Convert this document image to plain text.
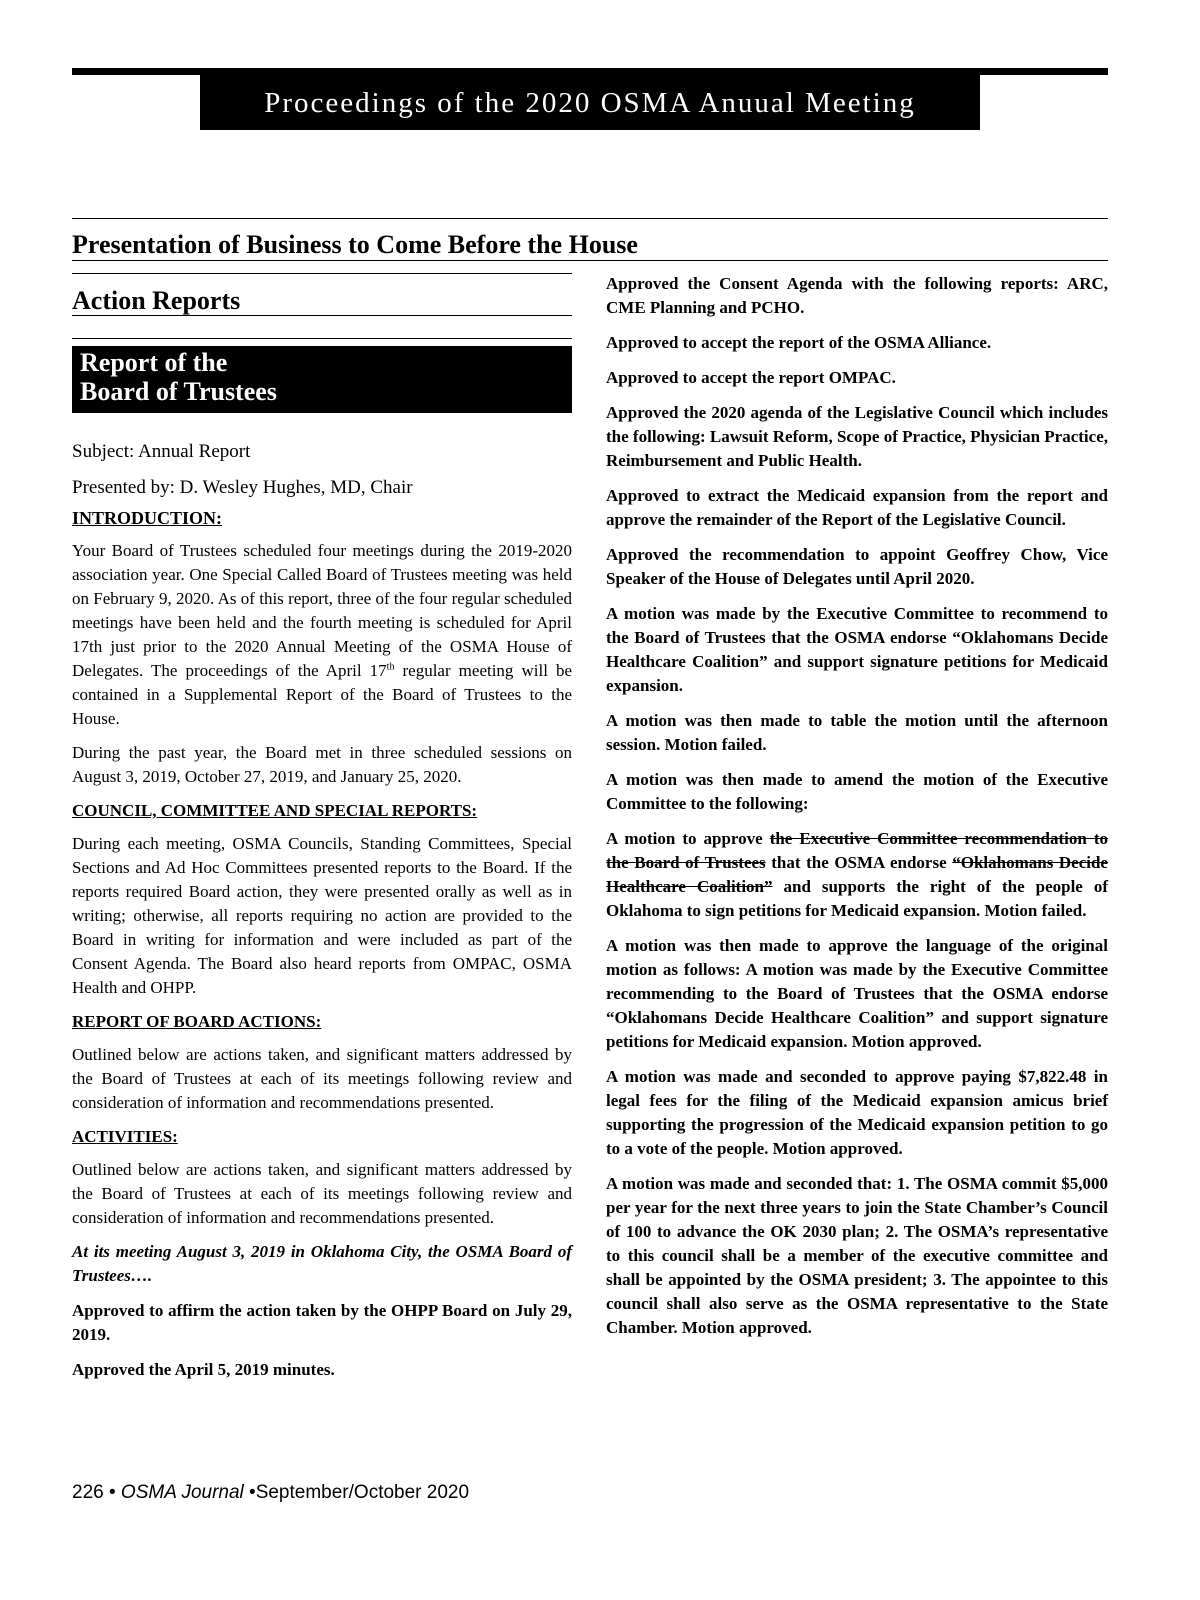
Proceedings of the 2020 OSMA Anuual Meeting
Presentation of Business to Come Before the House
Action Reports
Report of the
Board of Trustees

Subject: Annual Report

Presented by: D. Wesley Hughes, MD, Chair

INTRODUCTION:

Your Board of Trustees scheduled four meetings during the 2019-2020 association year. One Special Called Board of Trustees meeting was held on February 9, 2020. As of this report, three of the four regular scheduled meetings have been held and the fourth meeting is scheduled for April 17th just prior to the 2020 Annual Meeting of the OSMA House of Delegates. The proceedings of the April 17th regular meeting will be contained in a Supplemental Report of the Board of Trustees to the House.

During the past year, the Board met in three scheduled sessions on August 3, 2019, October 27, 2019, and January 25, 2020.

COUNCIL, COMMITTEE AND SPECIAL REPORTS:

During each meeting, OSMA Councils, Standing Committees, Special Sections and Ad Hoc Committees presented reports to the Board. If the reports required Board action, they were presented orally as well as in writing; otherwise, all reports requiring no action are provided to the Board in writing for information and were included as part of the Consent Agenda. The Board also heard reports from OMPAC, OSMA Health and OHPP.

REPORT OF BOARD ACTIONS:

Outlined below are actions taken, and significant matters addressed by the Board of Trustees at each of its meetings following review and consideration of information and recommendations presented.

ACTIVITIES:

Outlined below are actions taken, and significant matters addressed by the Board of Trustees at each of its meetings following review and consideration of information and recommendations presented.

At its meeting August 3, 2019 in Oklahoma City, the OSMA Board of Trustees….

Approved to affirm the action taken by the OHPP Board on July 29, 2019.

Approved the April 5, 2019 minutes.

Approved the Consent Agenda with the following reports: ARC, CME Planning and PCHO.

Approved to accept the report of the OSMA Alliance.

Approved to accept the report OMPAC.

Approved the 2020 agenda of the Legislative Council which includes the following: Lawsuit Reform, Scope of Practice, Physician Practice, Reimbursement and Public Health.

Approved to extract the Medicaid expansion from the report and approve the remainder of the Report of the Legislative Council.

Approved the recommendation to appoint Geoffrey Chow, Vice Speaker of the House of Delegates until April 2020.

A motion was made by the Executive Committee to recommend to the Board of Trustees that the OSMA endorse “Oklahomans Decide Healthcare Coalition” and support signature petitions for Medicaid expansion.

A motion was then made to table the motion until the afternoon session. Motion failed.

A motion was then made to amend the motion of the Executive Committee to the following:

A motion to approve the Executive Committee recommendation to the Board of Trustees that the OSMA endorse “Oklahomans Decide Healthcare Coalition” and supports the right of the people of Oklahoma to sign petitions for Medicaid expansion. Motion failed.

A motion was then made to approve the language of the original motion as follows: A motion was made by the Executive Committee recommending to the Board of Trustees that the OSMA endorse “Oklahomans Decide Healthcare Coalition” and support signature petitions for Medicaid expansion. Motion approved.

A motion was made and seconded to approve paying $7,822.48 in legal fees for the filing of the Medicaid expansion amicus brief supporting the progression of the Medicaid expansion petition to go to a vote of the people. Motion approved.

A motion was made and seconded that: 1. The OSMA commit $5,000 per year for the next three years to join the State Chamber’s Council of 100 to advance the OK 2030 plan; 2. The OSMA’s representative to this council shall be a member of the executive committee and shall be appointed by the OSMA president; 3. The appointee to this council shall also serve as the OSMA representative to the State Chamber. Motion approved.

226 • OSMA Journal •September/October 2020
